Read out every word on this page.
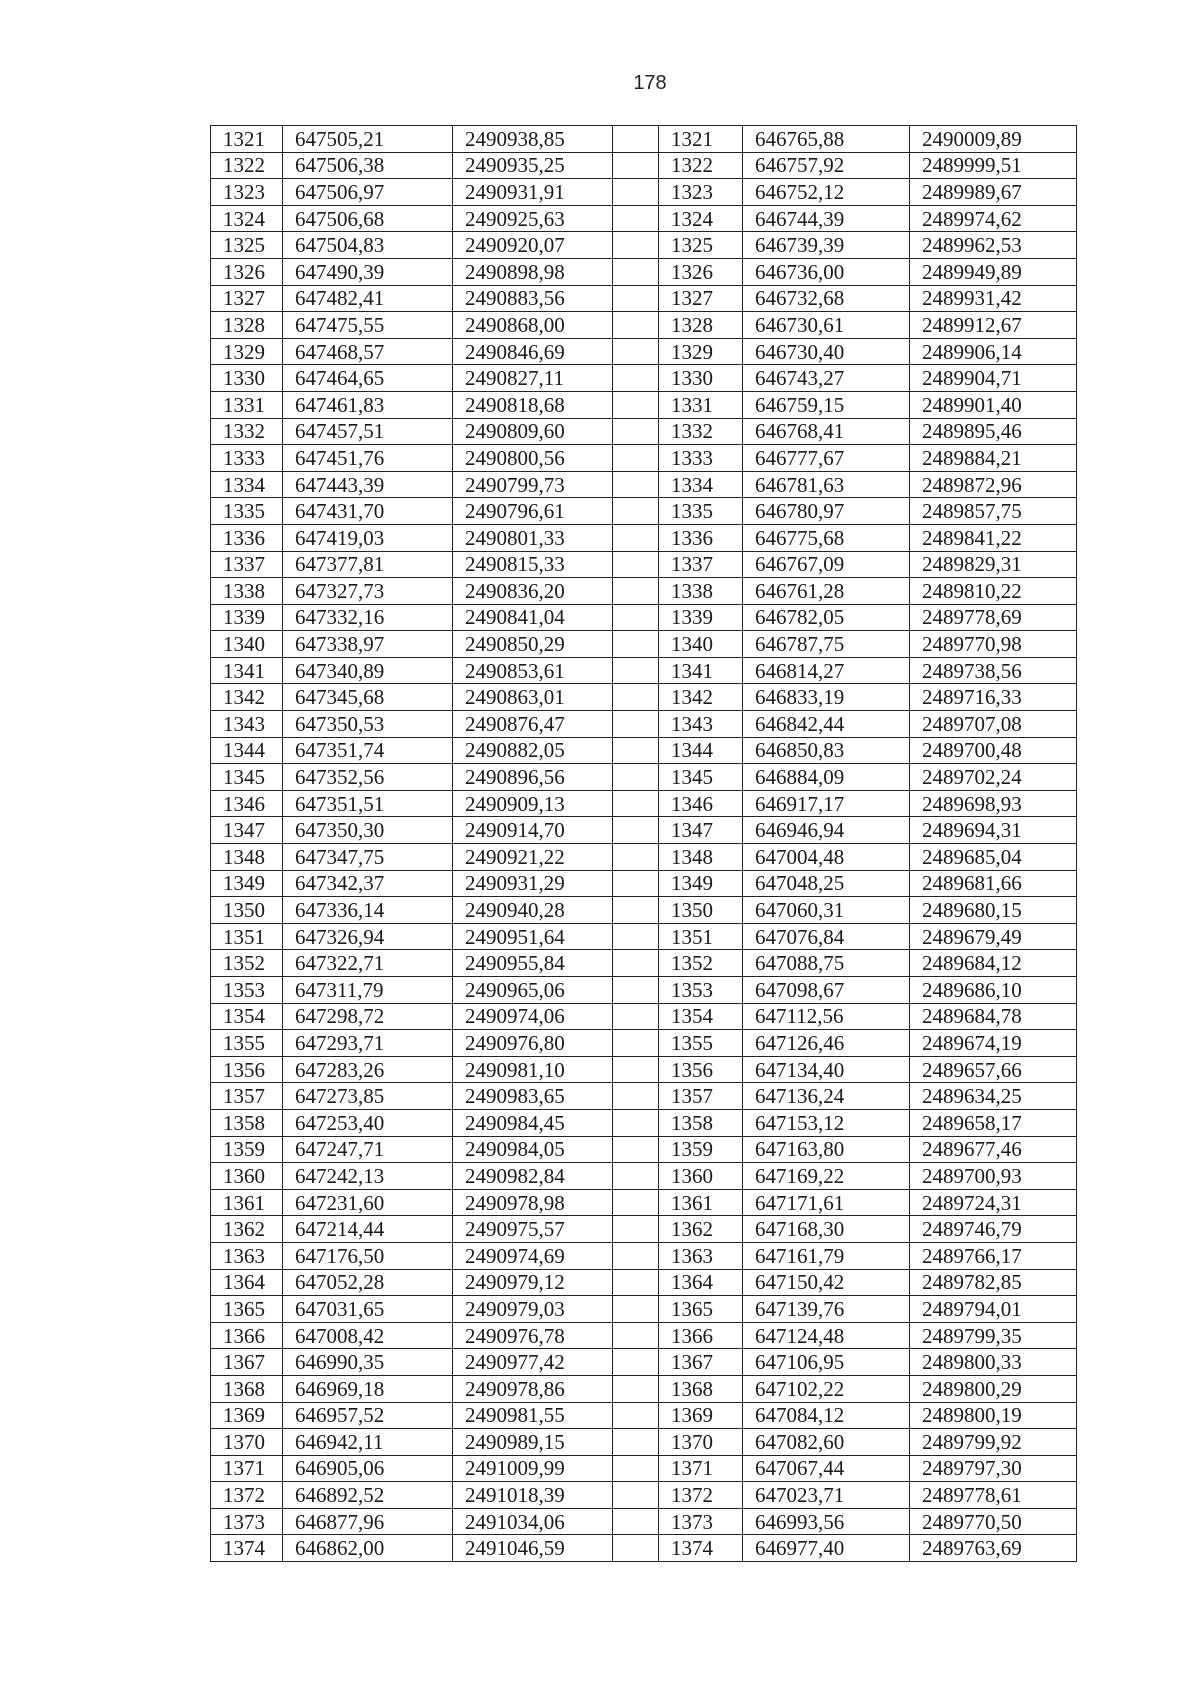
178
1321	647505,21	2490938,85		1321	646765,88	2490009,89
1322	647506,38	2490935,25		1322	646757,92	2489999,51
1323	647506,97	2490931,91		1323	646752,12	2489989,67
1324	647506,68	2490925,63		1324	646744,39	2489974,62
1325	647504,83	2490920,07		1325	646739,39	2489962,53
1326	647490,39	2490898,98		1326	646736,00	2489949,89
1327	647482,41	2490883,56		1327	646732,68	2489931,42
1328	647475,55	2490868,00		1328	646730,61	2489912,67
1329	647468,57	2490846,69		1329	646730,40	2489906,14
1330	647464,65	2490827,11		1330	646743,27	2489904,71
1331	647461,83	2490818,68		1331	646759,15	2489901,40
1332	647457,51	2490809,60		1332	646768,41	2489895,46
1333	647451,76	2490800,56		1333	646777,67	2489884,21
1334	647443,39	2490799,73		1334	646781,63	2489872,96
1335	647431,70	2490796,61		1335	646780,97	2489857,75
1336	647419,03	2490801,33		1336	646775,68	2489841,22
1337	647377,81	2490815,33		1337	646767,09	2489829,31
1338	647327,73	2490836,20		1338	646761,28	2489810,22
1339	647332,16	2490841,04		1339	646782,05	2489778,69
1340	647338,97	2490850,29		1340	646787,75	2489770,98
1341	647340,89	2490853,61		1341	646814,27	2489738,56
1342	647345,68	2490863,01		1342	646833,19	2489716,33
1343	647350,53	2490876,47		1343	646842,44	2489707,08
1344	647351,74	2490882,05		1344	646850,83	2489700,48
1345	647352,56	2490896,56		1345	646884,09	2489702,24
1346	647351,51	2490909,13		1346	646917,17	2489698,93
1347	647350,30	2490914,70		1347	646946,94	2489694,31
1348	647347,75	2490921,22		1348	647004,48	2489685,04
1349	647342,37	2490931,29		1349	647048,25	2489681,66
1350	647336,14	2490940,28		1350	647060,31	2489680,15
1351	647326,94	2490951,64		1351	647076,84	2489679,49
1352	647322,71	2490955,84		1352	647088,75	2489684,12
1353	647311,79	2490965,06		1353	647098,67	2489686,10
1354	647298,72	2490974,06		1354	647112,56	2489684,78
1355	647293,71	2490976,80		1355	647126,46	2489674,19
1356	647283,26	2490981,10		1356	647134,40	2489657,66
1357	647273,85	2490983,65		1357	647136,24	2489634,25
1358	647253,40	2490984,45		1358	647153,12	2489658,17
1359	647247,71	2490984,05		1359	647163,80	2489677,46
1360	647242,13	2490982,84		1360	647169,22	2489700,93
1361	647231,60	2490978,98		1361	647171,61	2489724,31
1362	647214,44	2490975,57		1362	647168,30	2489746,79
1363	647176,50	2490974,69		1363	647161,79	2489766,17
1364	647052,28	2490979,12		1364	647150,42	2489782,85
1365	647031,65	2490979,03		1365	647139,76	2489794,01
1366	647008,42	2490976,78		1366	647124,48	2489799,35
1367	646990,35	2490977,42		1367	647106,95	2489800,33
1368	646969,18	2490978,86		1368	647102,22	2489800,29
1369	646957,52	2490981,55		1369	647084,12	2489800,19
1370	646942,11	2490989,15		1370	647082,60	2489799,92
1371	646905,06	2491009,99		1371	647067,44	2489797,30
1372	646892,52	2491018,39		1372	647023,71	2489778,61
1373	646877,96	2491034,06		1373	646993,56	2489770,50
1374	646862,00	2491046,59		1374	646977,40	2489763,69
